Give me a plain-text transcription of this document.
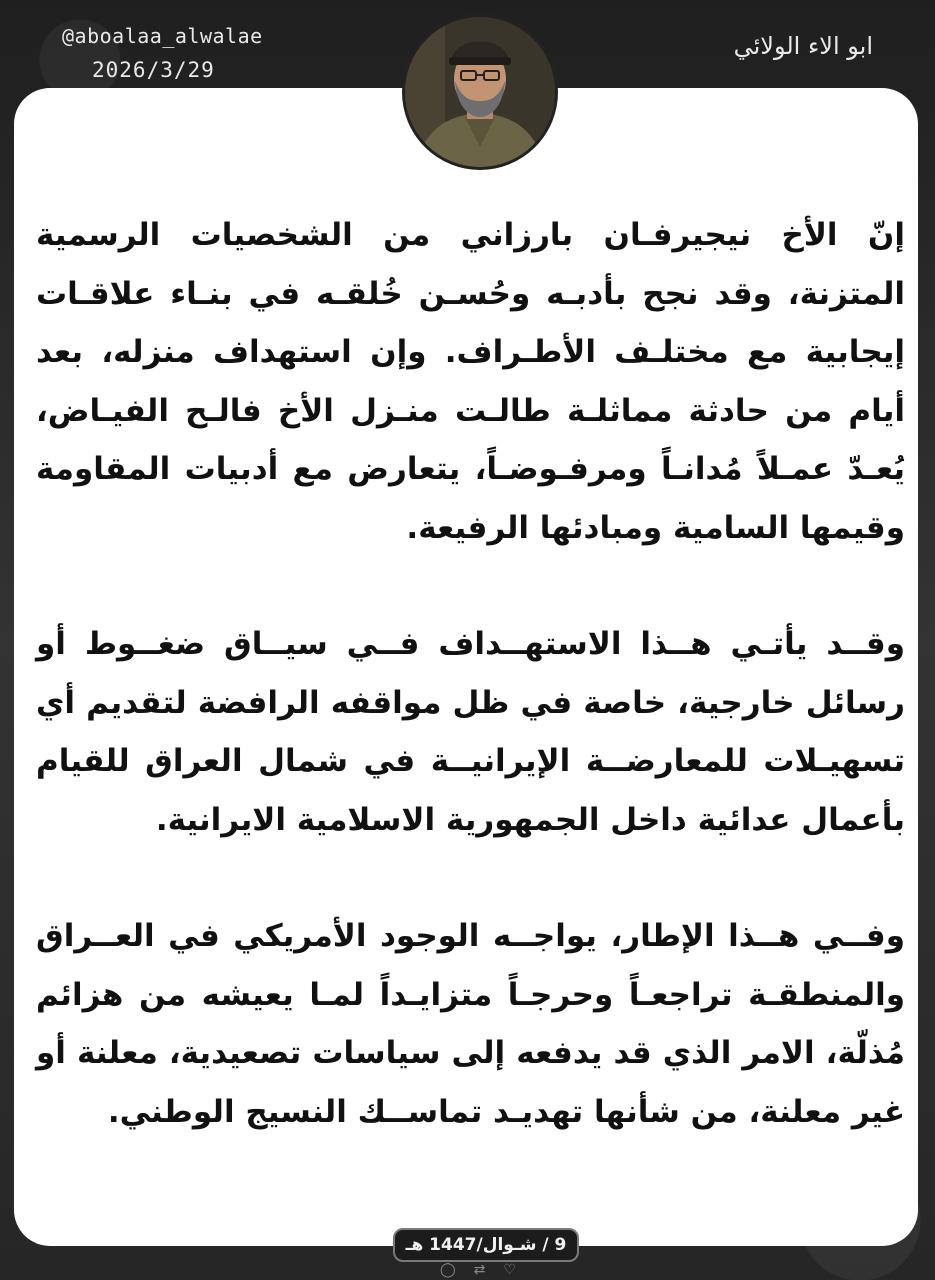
@aboalaa_alwalae
2026/3/29
ابو الاء الولائي

إنّ الأخ نيجيرفـان بارزاني من الشخصيات الرسمية المتزنة، وقد نجح بأدبـه وحُسـن خُلقـه في بنـاء علاقـات إيجابية مع مختلـف الأطـراف. وإن استهداف منزله، بعد أيام من حادثة مماثلـة طالـت منـزل الأخ فالـح الفيـاض، يُعـدّ عمـلاً مُدانـاً ومرفـوضـاً، يتعارض مع أدبيات المقاومة وقيمها السامية ومبادئها الرفيعة.

وقــد يأتـي هــذا الاستهــداف فــي سيــاق ضغــوط أو رسائل خارجية، خاصة في ظل مواقفه الرافضة لتقديم أي تسهيـلات للمعارضــة الإيرانيــة في شمال العراق للقيام بأعمال عدائية داخل الجمهورية الاسلامية الايرانية.

وفــي هــذا الإطار، يواجــه الوجود الأمريكي في العــراق والمنطقـة تراجعـاً وحرجـاً متزايـداً لمـا يعيشه من هزائم مُذلّة، الامر الذي قد يدفعه إلى سياسات تصعيدية، معلنة أو غير معلنة، من شأنها تهديـد تماســك النسيج الوطني.

9 / شـوال/1447 هـ
◯ ⇄ ♡
